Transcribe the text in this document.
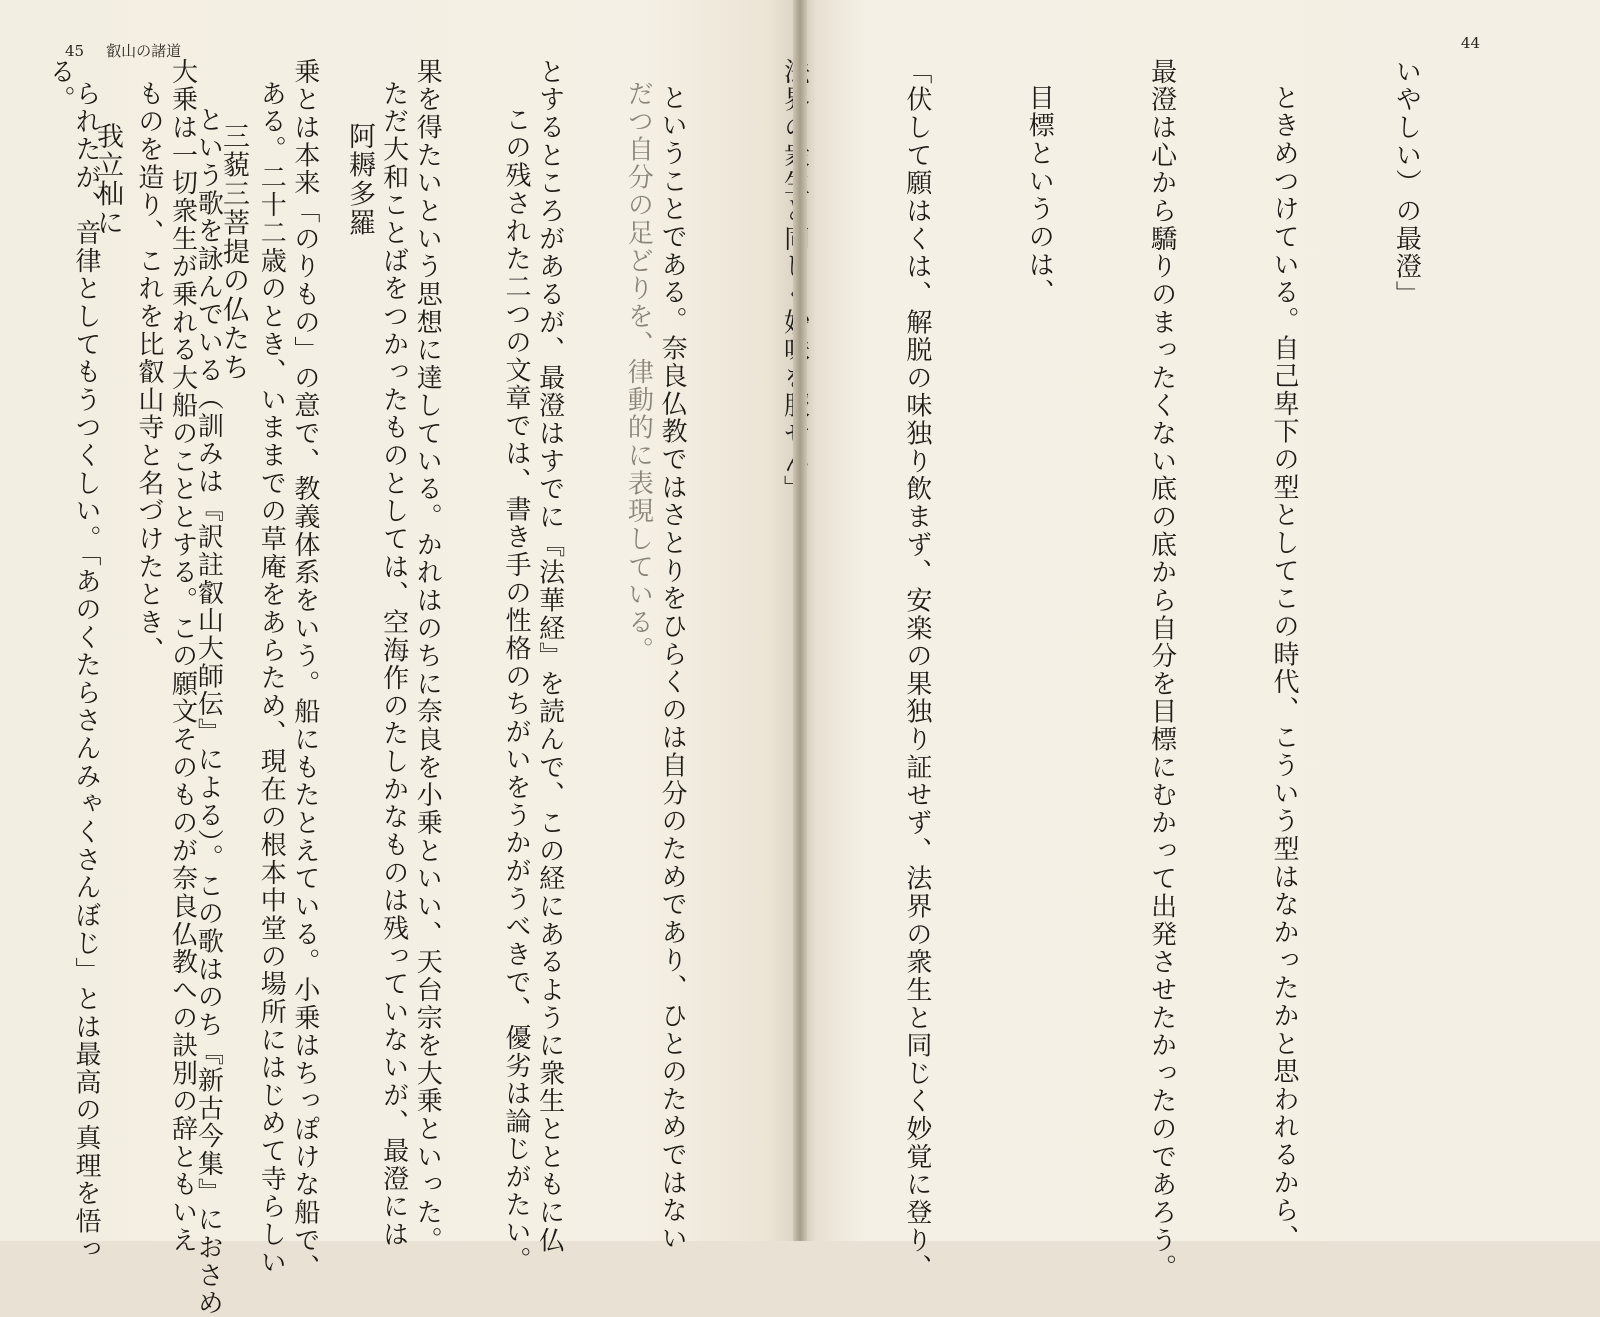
45 叡山の諸道

だつ自分の足どりを、律動的に表現している。

この残された二つの文章では、書き手の性格のちがいをうかがうべきで、優劣は論じがたい。

ただ大和ことばをつかったものとしては、空海作のたしかなものは残っていないが、最澄には

ある。二十二歳のとき、いままでの草庵をあらため、現在の根本中堂の場所にはじめて寺らしい

ものを造り、これを比叡山寺と名づけたとき、

	阿耨多羅

三藐三菩提の仏たち

我立杣に

	という歌を詠んでいる（訓みは『訳註叡山大師伝』による）。この歌はのち『新古今集』におさめ

られたが、音律としてもうつくしい。「あのくたらさんみゃくさんぼじ」とは最高の真理を悟っ

44

いやしい）の最澄」

ときめつけている。自己卑下の型としてこの時代、こういう型はなかったかと思われるから、

最澄は心から驕りのまったくない底の底から自分を目標にむかって出発させたかったのであろう。

目標というのは、

「伏して願はくは、解脱の味独り飲まず、安楽の果独り証せず、法界の衆生と同じく妙覚に登り、

ということである。奈良仏教ではさとりをひらくのは自分のためであり、ひとのためではない

とするところがあるが、最澄はすでに『法華経』を読んで、この経にあるように衆生とともに仏

果を得たいという思想に達している。かれはのちに奈良を小乗といい、天台宗を大乗といった。

乗とは本来「のりもの」の意で、教義体系をいう。船にもたとえている。小乗はちっぽけな船で、

大乗は一切衆生が乗れる大船のこととする。この願文そのものが奈良仏教への訣別の辞ともいえ

る。
